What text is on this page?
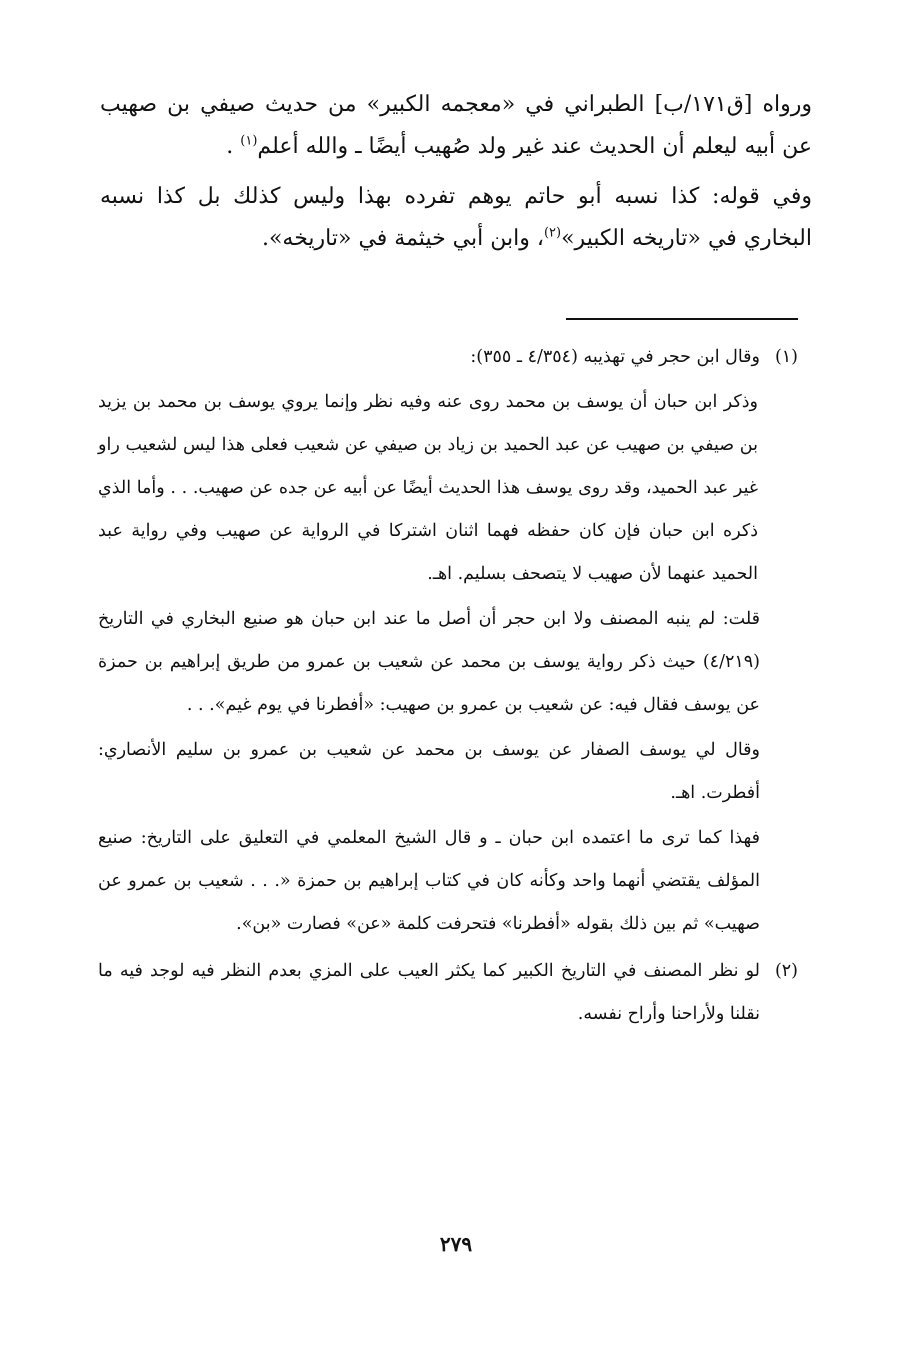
ورواه [ق١٧١/ب] الطبراني في «معجمه الكبير» من حديث صيفي بن صهيب عن أبيه ليعلم أن الحديث عند غير ولد صُهيب أيضًا ـ والله أعلم$^{(١)}$ .

وفي قوله: كذا نسبه أبو حاتم يوهم تفرده بهذا وليس كذلك بل كذا نسبه البخاري في «تاريخه الكبير»$^{(٢)}$، وابن أبي خيثمة في «تاريخه».

(١)

وقال ابن حجر في تهذيبه (٤/٣٥٤ ـ ٣٥٥):

وذكر ابن حبان أن يوسف بن محمد روى عنه وفيه نظر وإنما يروي يوسف بن محمد بن يزيد بن صيفي بن صهيب عن عبد الحميد بن زياد بن صيفي عن شعيب فعلى هذا ليس لشعيب راو غير عبد الحميد، وقد روى يوسف هذا الحديث أيضًا عن أبيه عن جده عن صهيب. . . وأما الذي ذكره ابن حبان فإن كان حفظه فهما اثنان اشتركا في الرواية عن صهيب وفي رواية عبد الحميد عنهما لأن صهيب لا يتصحف بسليم. اهـ.

قلت: لم ينبه المصنف ولا ابن حجر أن أصل ما عند ابن حبان هو صنيع البخاري في التاريخ (٤/٢١٩) حيث ذكر رواية يوسف بن محمد عن شعيب بن عمرو من طريق إبراهيم بن حمزة عن يوسف فقال فيه: عن شعيب بن عمرو بن صهيب: «أفطرنا في يوم غيم». . .

وقال لي يوسف الصفار عن يوسف بن محمد عن شعيب بن عمرو بن سليم الأنصاري: أفطرت. اهـ.

فهذا كما ترى ما اعتمده ابن حبان ـ و قال الشيخ المعلمي في التعليق على التاريخ: صنيع المؤلف يقتضي أنهما واحد وكأنه كان في كتاب إبراهيم بن حمزة «. . . شعيب بن عمرو عن صهيب» ثم بين ذلك بقوله «أفطرنا» فتحرفت كلمة «عن» فصارت «بن».

(٢)

لو نظر المصنف في التاريخ الكبير كما يكثر العيب على المزي بعدم النظر فيه لوجد فيه ما نقلنا ولأراحنا وأراح نفسه.

٢٧٩
